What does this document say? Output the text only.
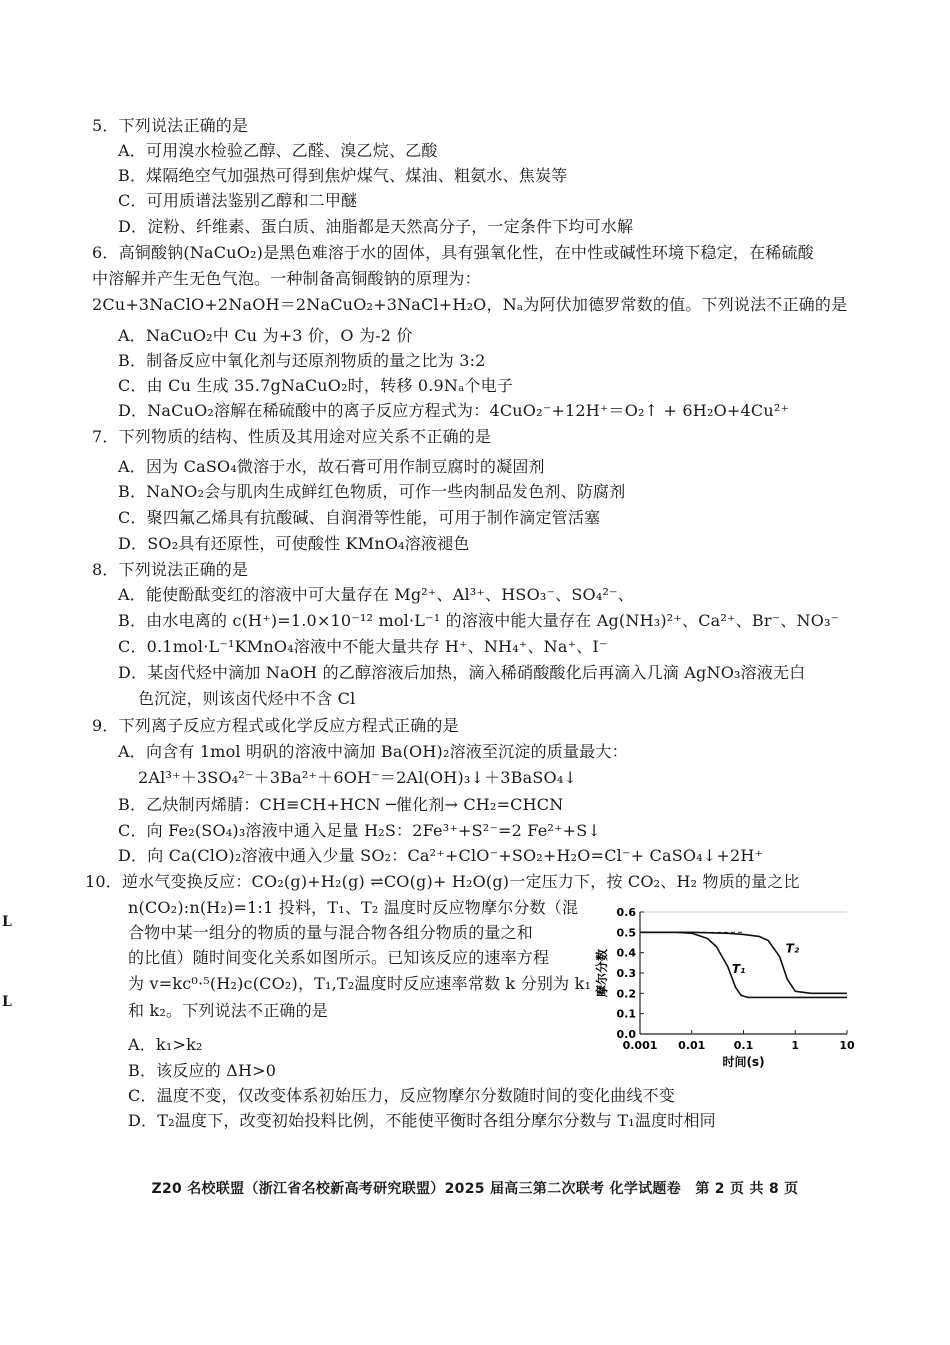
5．下列说法正确的是
A．可用溴水检验乙醇、乙醛、溴乙烷、乙酸
B．煤隔绝空气加强热可得到焦炉煤气、煤油、粗氨水、焦炭等
C．可用质谱法鉴别乙醇和二甲醚
D．淀粉、纤维素、蛋白质、油脂都是天然高分子，一定条件下均可水解
6．高铜酸钠(NaCuO₂)是黑色难溶于水的固体，具有强氧化性，在中性或碱性环境下稳定，在稀硫酸
中溶解并产生无色气泡。一种制备高铜酸钠的原理为：
2Cu+3NaClO+2NaOH＝2NaCuO₂+3NaCl+H₂O，Nₐ为阿伏加德罗常数的值。下列说法不正确的是
A．NaCuO₂中 Cu 为+3 价，O 为-2 价
B．制备反应中氧化剂与还原剂物质的量之比为 3:2
C．由 Cu 生成 35.7gNaCuO₂时，转移 0.9Nₐ个电子
D．NaCuO₂溶解在稀硫酸中的离子反应方程式为：4CuO₂⁻+12H⁺＝O₂↑ + 6H₂O+4Cu²⁺
7．下列物质的结构、性质及其用途对应关系不正确的是
A．因为 CaSO₄微溶于水，故石膏可用作制豆腐时的凝固剂
B．NaNO₂会与肌肉生成鲜红色物质，可作一些肉制品发色剂、防腐剂
C．聚四氟乙烯具有抗酸碱、自润滑等性能，可用于制作滴定管活塞
D．SO₂具有还原性，可使酸性 KMnO₄溶液褪色
8．下列说法正确的是
A．能使酚酞变红的溶液中可大量存在 Mg²⁺、Al³⁺、HSO₃⁻、SO₄²⁻、
B．由水电离的 c(H⁺)=1.0×10⁻¹² mol·L⁻¹ 的溶液中能大量存在 Ag(NH₃)²⁺、Ca²⁺、Br⁻、NO₃⁻
C．0.1mol·L⁻¹KMnO₄溶液中不能大量共存 H⁺、NH₄⁺、Na⁺、I⁻
D．某卤代烃中滴加 NaOH 的乙醇溶液后加热，滴入稀硝酸酸化后再滴入几滴 AgNO₃溶液无白
色沉淀，则该卤代烃中不含 Cl
9．下列离子反应方程式或化学反应方程式正确的是
A．向含有 1mol 明矾的溶液中滴加 Ba(OH)₂溶液至沉淀的质量最大：
2Al³⁺＋3SO₄²⁻＋3Ba²⁺＋6OH⁻＝2Al(OH)₃↓＋3BaSO₄↓
B．乙炔制丙烯腈：CH≡CH+HCN ─催化剂→ CH₂=CHCN
C．向 Fe₂(SO₄)₃溶液中通入足量 H₂S：2Fe³⁺+S²⁻=2 Fe²⁺+S↓
D．向 Ca(ClO)₂溶液中通入少量 SO₂：Ca²⁺+ClO⁻+SO₂+H₂O=Cl⁻+ CaSO₄↓+2H⁺
10．逆水气变换反应：CO₂(g)+H₂(g) ⇌CO(g)+ H₂O(g)一定压力下，按 CO₂、H₂ 物质的量之比
n(CO₂):n(H₂)=1:1 投料，T₁、T₂ 温度时反应物摩尔分数（混
合物中某一组分的物质的量与混合物各组分物质的量之和
的比值）随时间变化关系如图所示。已知该反应的速率方程
为 v=kc⁰·⁵(H₂)c(CO₂)，T₁,T₂温度时反应速率常数 k 分别为 k₁
和 k₂。下列说法不正确的是
A．k₁>k₂
B．该反应的 ΔH>0
C．温度不变，仅改变体系初始压力，反应物摩尔分数随时间的变化曲线不变
D．T₂温度下，改变初始投料比例，不能使平衡时各组分摩尔分数与 T₁温度时相同
L
L
0.0
0.1
0.2
0.3
0.4
0.5
0.6
0.001 0.01	0.1	1	10
T₁
T₂
摩尔分数
时间(s)
Z20 名校联盟（浙江省名校新高考研究联盟）2025 届高三第二次联考 化学试题卷　第 2 页 共 8 页
